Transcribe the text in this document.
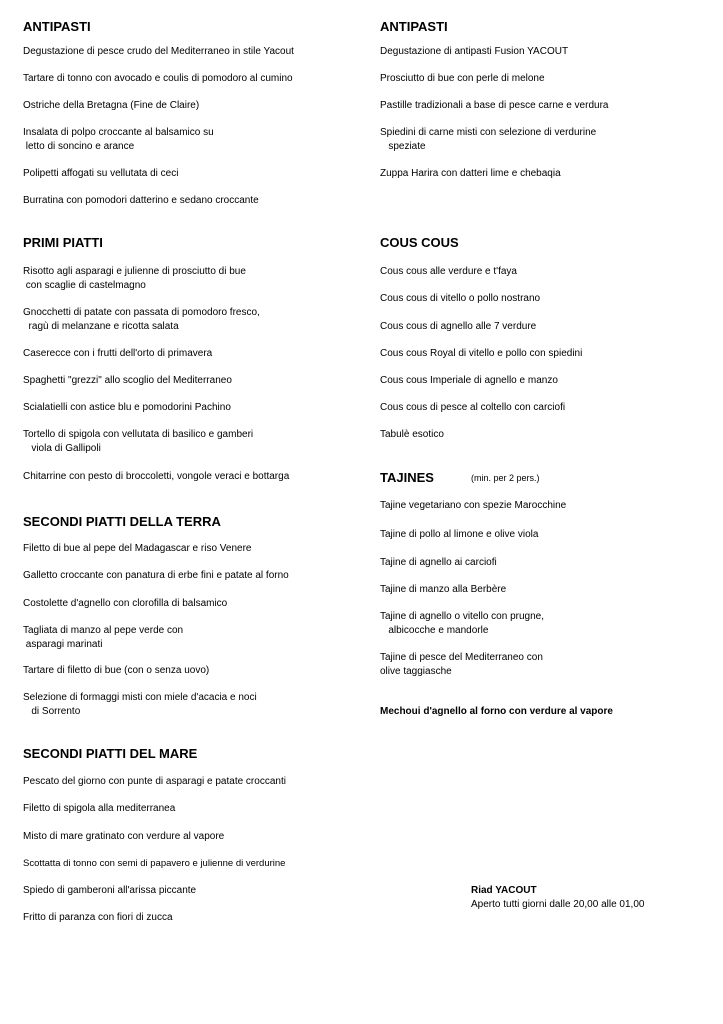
ANTIPASTI
Degustazione di pesce crudo del Mediterraneo in stile Yacout
Tartare di tonno con avocado e coulis di pomodoro al cumino
Ostriche della Bretagna (Fine de Claire)
Insalata di polpo croccante al balsamico su
letto di soncino e arance
Polipetti affogati su vellutata di ceci
Burratina con pomodori datterino e sedano croccante
PRIMI PIATTI
Risotto agli asparagi e julienne di prosciutto di bue
con scaglie di castelmagno
Gnocchetti di patate con passata di pomodoro fresco,
ragù di melanzane e ricotta salata
Caserecce con i frutti dell'orto di primavera
Spaghetti "grezzi" allo scoglio del Mediterraneo
Scialatielli con astice blu e pomodorini Pachino
Tortello di spigola con vellutata di basilico e gamberi
viola di Gallipoli
Chitarrine con pesto di broccoletti, vongole veraci e bottarga
SECONDI PIATTI DELLA TERRA
Filetto di bue al pepe del Madagascar e riso Venere
Galletto croccante con panatura di erbe fini e patate al forno
Costolette d'agnello con clorofilla di balsamico
Tagliata di manzo al pepe verde con
asparagi marinati
Tartare di filetto di bue (con o senza uovo)
Selezione di formaggi misti con miele d'acacia e noci
di Sorrento
SECONDI PIATTI DEL MARE
Pescato del giorno con punte di asparagi e patate croccanti
Filetto di spigola alla mediterranea
Misto di mare gratinato con verdure al vapore
Scottatta di tonno con semi di papavero e julienne di verdurine
Spiedo di gamberoni all'arissa piccante
Fritto di paranza con fiori di zucca
ANTIPASTI
Degustazione di antipasti Fusion YACOUT
Prosciutto di bue con perle di melone
Pastille tradizionali a base di pesce carne e verdura
Spiedini di carne misti con selezione di verdurine
speziate
Zuppa Harira con datteri lime e chebaqia
COUS COUS
Cous cous alle verdure e t'faya
Cous cous di vitello o pollo nostrano
Cous cous di agnello alle 7 verdure
Cous cous Royal di vitello e pollo con spiedini
Cous cous Imperiale di agnello e manzo
Cous cous di pesce al coltello con carciofi
Tabulè esotico
TAJINES	(min. per 2 pers.)
Tajine vegetariano con spezie Marocchine
Tajine di pollo al limone e olive viola
Tajine di agnello ai carciofi
Tajine di manzo alla Berbère
Tajine di agnello o vitello con prugne,
albicocche e mandorle
Tajine di pesce del Mediterraneo con
olive taggiasche
Mechoui d'agnello al forno con verdure al vapore
Riad YACOUT
Aperto tutti giorni dalle 20,00 alle 01,00
